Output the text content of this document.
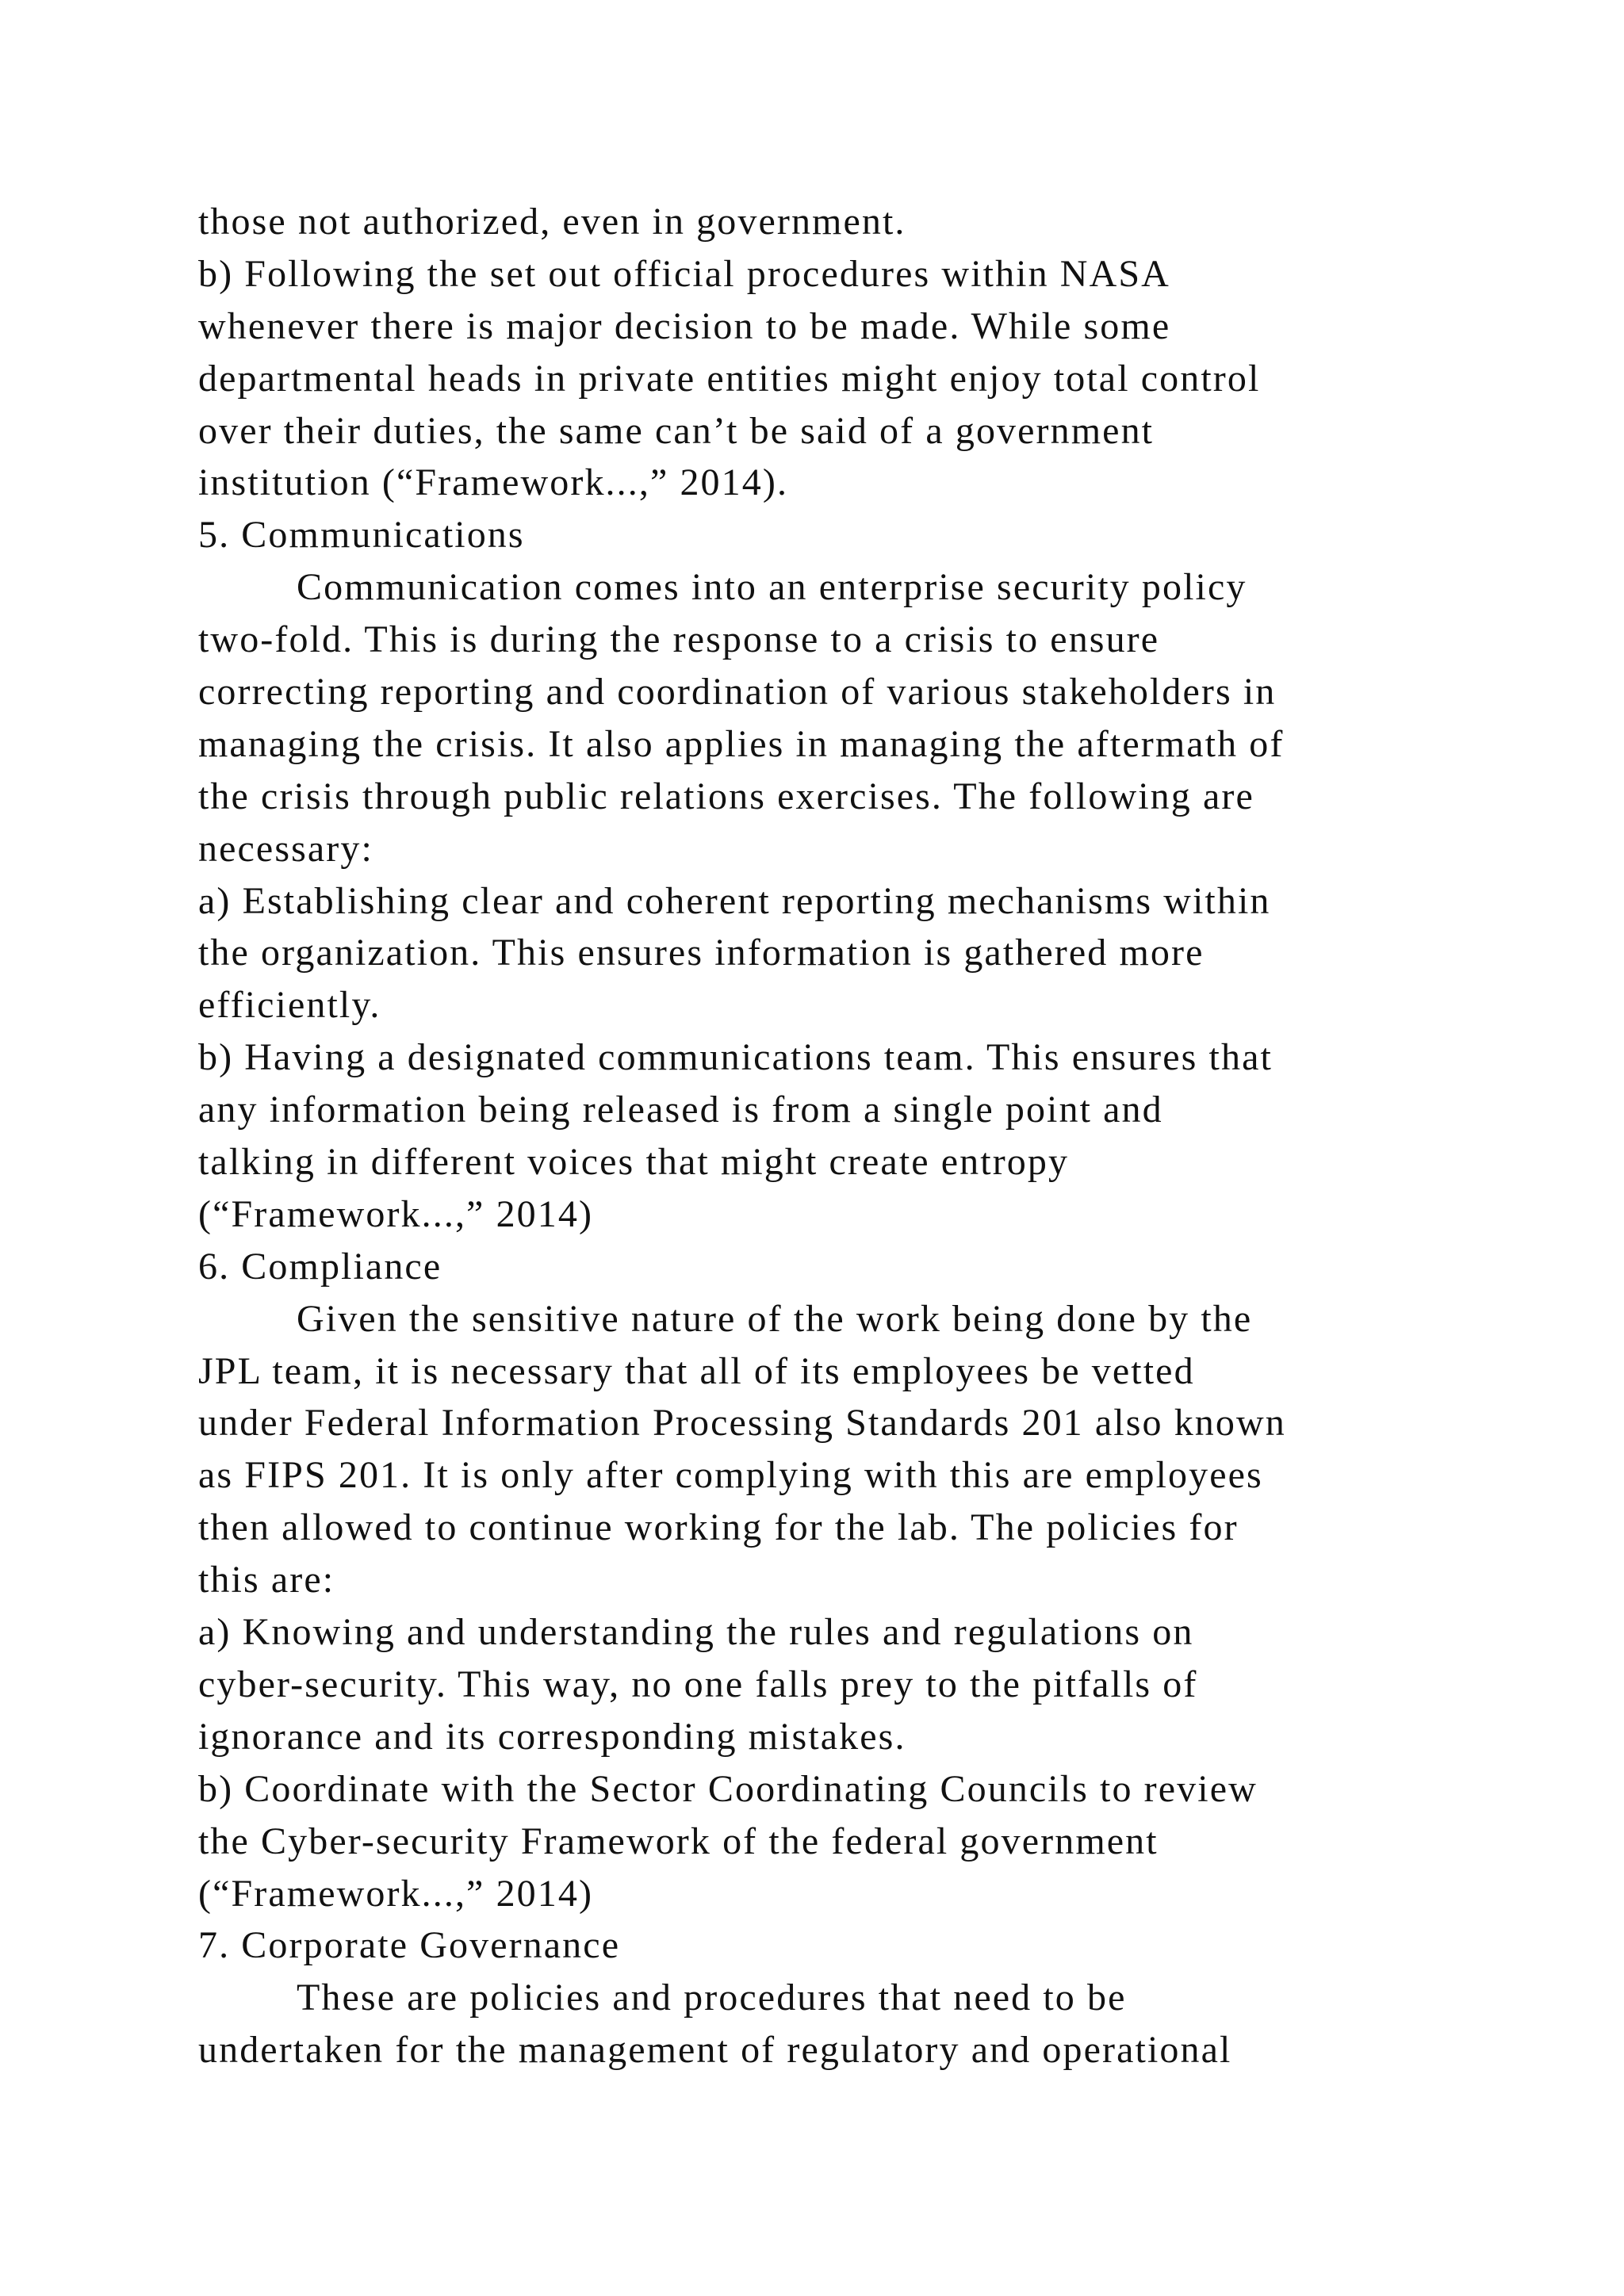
those not authorized, even in government.
b) Following the set out official procedures within NASA
whenever there is major decision to be made. While some
departmental heads in private entities might enjoy total control
over their duties, the same can’t be said of a government
institution (“Framework...,” 2014).
5. Communications
Communication comes into an enterprise security policy
two-fold. This is during the response to a crisis to ensure
correcting reporting and coordination of various stakeholders in
managing the crisis. It also applies in managing the aftermath of
the crisis through public relations exercises. The following are
necessary:
a) Establishing clear and coherent reporting mechanisms within
the organization. This ensures information is gathered more
efficiently.
b) Having a designated communications team. This ensures that
any information being released is from a single point and
talking in different voices that might create entropy
(“Framework...,” 2014)
6. Compliance
Given the sensitive nature of the work being done by the
JPL team, it is necessary that all of its employees be vetted
under Federal Information Processing Standards 201 also known
as FIPS 201. It is only after complying with this are employees
then allowed to continue working for the lab. The policies for
this are:
a) Knowing and understanding the rules and regulations on
cyber-security. This way, no one falls prey to the pitfalls of
ignorance and its corresponding mistakes.
b) Coordinate with the Sector Coordinating Councils to review
the Cyber-security Framework of the federal government
(“Framework...,” 2014)
7. Corporate Governance
These are policies and procedures that need to be
undertaken for the management of regulatory and operational
